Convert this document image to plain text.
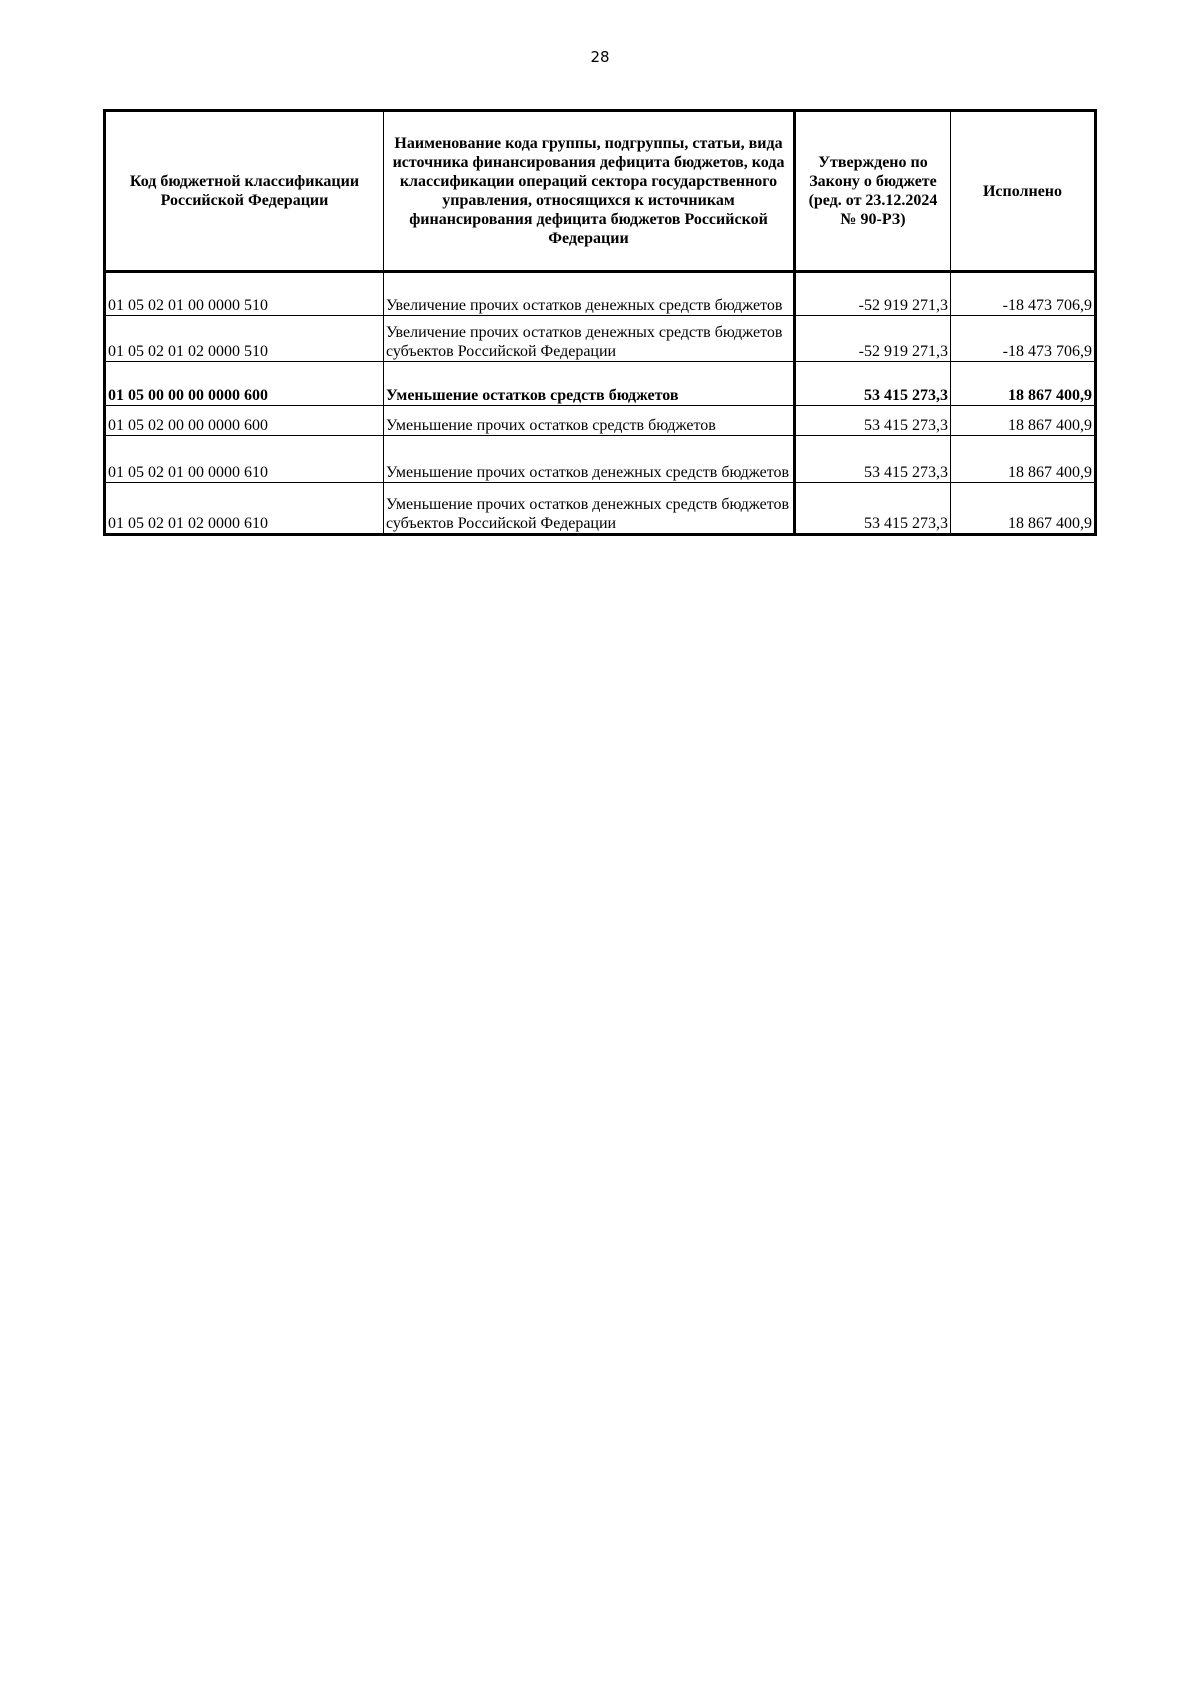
28
Код бюджетной классификации Российской Федерации	Наименование кода группы, подгруппы, статьи, вида источника финансирования дефицита бюджетов, кода классификации операций сектора государственного управления, относящихся к источникам финансирования дефицита бюджетов Российской Федерации	Утверждено по Закону о бюджете (ред. от 23.12.2024 № 90-РЗ)	Исполнено
01 05 02 01 00 0000 510	Увеличение прочих остатков денежных средств бюджетов	-52 919 271,3	-18 473 706,9
01 05 02 01 02 0000 510	Увеличение прочих остатков денежных средств бюджетов субъектов Российской Федерации	-52 919 271,3	-18 473 706,9
01 05 00 00 00 0000 600	Уменьшение остатков средств бюджетов	53 415 273,3	18 867 400,9
01 05 02 00 00 0000 600	Уменьшение прочих остатков средств бюджетов	53 415 273,3	18 867 400,9
01 05 02 01 00 0000 610	Уменьшение прочих остатков денежных средств бюджетов	53 415 273,3	18 867 400,9
01 05 02 01 02 0000 610	Уменьшение прочих остатков денежных средств бюджетов субъектов Российской Федерации	53 415 273,3	18 867 400,9
